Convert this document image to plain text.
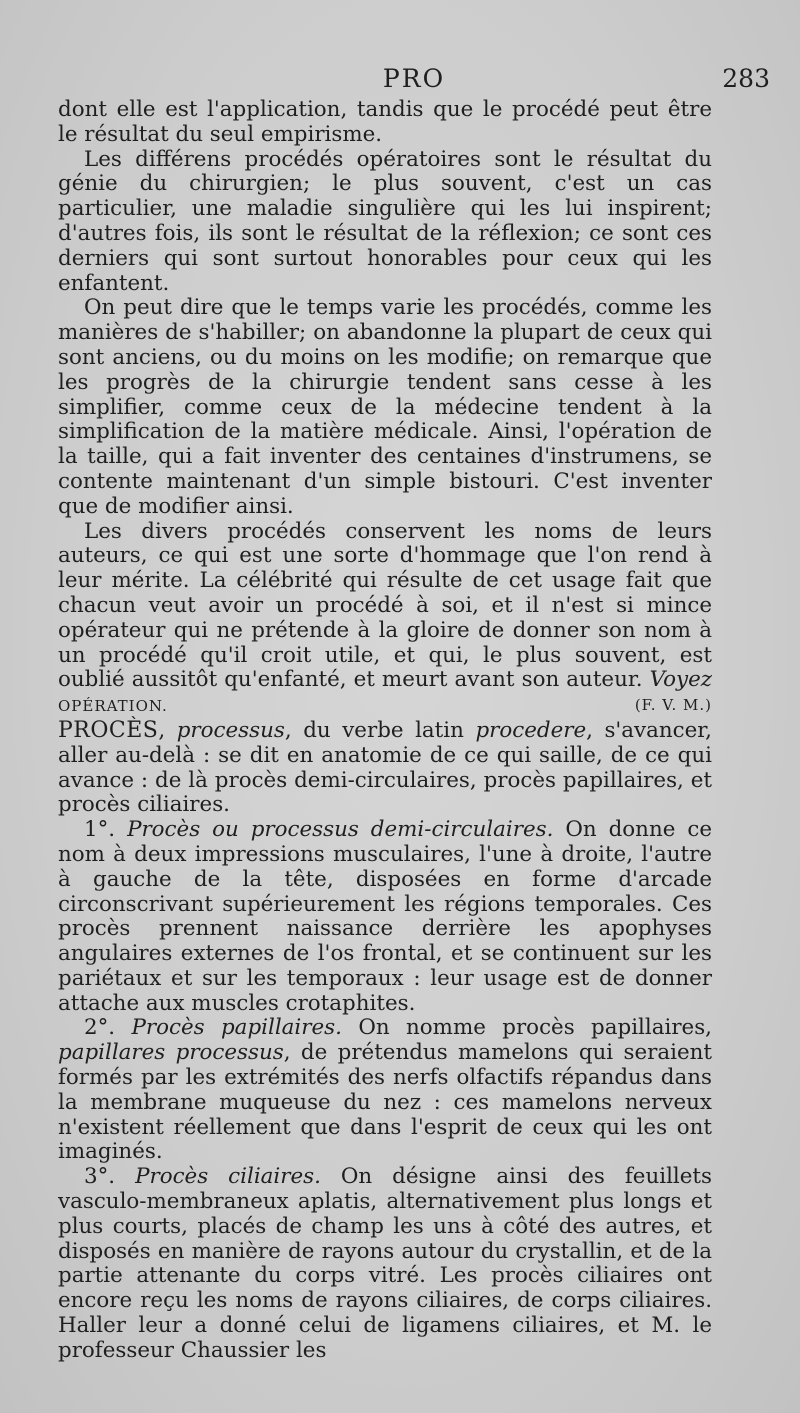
PRO	283

dont elle est l'application, tandis que le procédé peut être le résultat du seul empirisme.

Les différens procédés opératoires sont le résultat du génie du chirurgien; le plus souvent, c'est un cas particulier, une maladie singulière qui les lui inspirent; d'autres fois, ils sont le résultat de la réflexion; ce sont ces derniers qui sont surtout honorables pour ceux qui les enfantent.

On peut dire que le temps varie les procédés, comme les manières de s'habiller; on abandonne la plupart de ceux qui sont anciens, ou du moins on les modifie; on remarque que les progrès de la chirurgie tendent sans cesse à les simplifier, comme ceux de la médecine tendent à la simplification de la matière médicale. Ainsi, l'opération de la taille, qui a fait inventer des centaines d'instrumens, se contente maintenant d'un simple bistouri. C'est inventer que de modifier ainsi.

Les divers procédés conservent les noms de leurs auteurs, ce qui est une sorte d'hommage que l'on rend à leur mérite. La célébrité qui résulte de cet usage fait que chacun veut avoir un procédé à soi, et il n'est si mince opérateur qui ne prétende à la gloire de donner son nom à un procédé qu'il croit utile, et qui, le plus souvent, est oublié aussitôt qu'enfanté, et meurt avant son auteur. Voyez OPÉRATION.	(F. V. M.)

PROCÈS, processus, du verbe latin procedere, s'avancer, aller au-delà : se dit en anatomie de ce qui saille, de ce qui avance : de là procès demi-circulaires, procès papillaires, et procès ciliaires.

1°. Procès ou processus demi-circulaires. On donne ce nom à deux impressions musculaires, l'une à droite, l'autre à gauche de la tête, disposées en forme d'arcade circonscrivant supérieurement les régions temporales. Ces procès prennent naissance derrière les apophyses angulaires externes de l'os frontal, et se continuent sur les pariétaux et sur les temporaux : leur usage est de donner attache aux muscles crotaphites.

2°. Procès papillaires. On nomme procès papillaires, papillares processus, de prétendus mamelons qui seraient formés par les extrémités des nerfs olfactifs répandus dans la membrane muqueuse du nez : ces mamelons nerveux n'existent réellement que dans l'esprit de ceux qui les ont imaginés.

3°. Procès ciliaires. On désigne ainsi des feuillets vasculo-membraneux aplatis, alternativement plus longs et plus courts, placés de champ les uns à côté des autres, et disposés en manière de rayons autour du crystallin, et de la partie attenante du corps vitré. Les procès ciliaires ont encore reçu les noms de rayons ciliaires, de corps ciliaires. Haller leur a donné celui de ligamens ciliaires, et M. le professeur Chaussier les
